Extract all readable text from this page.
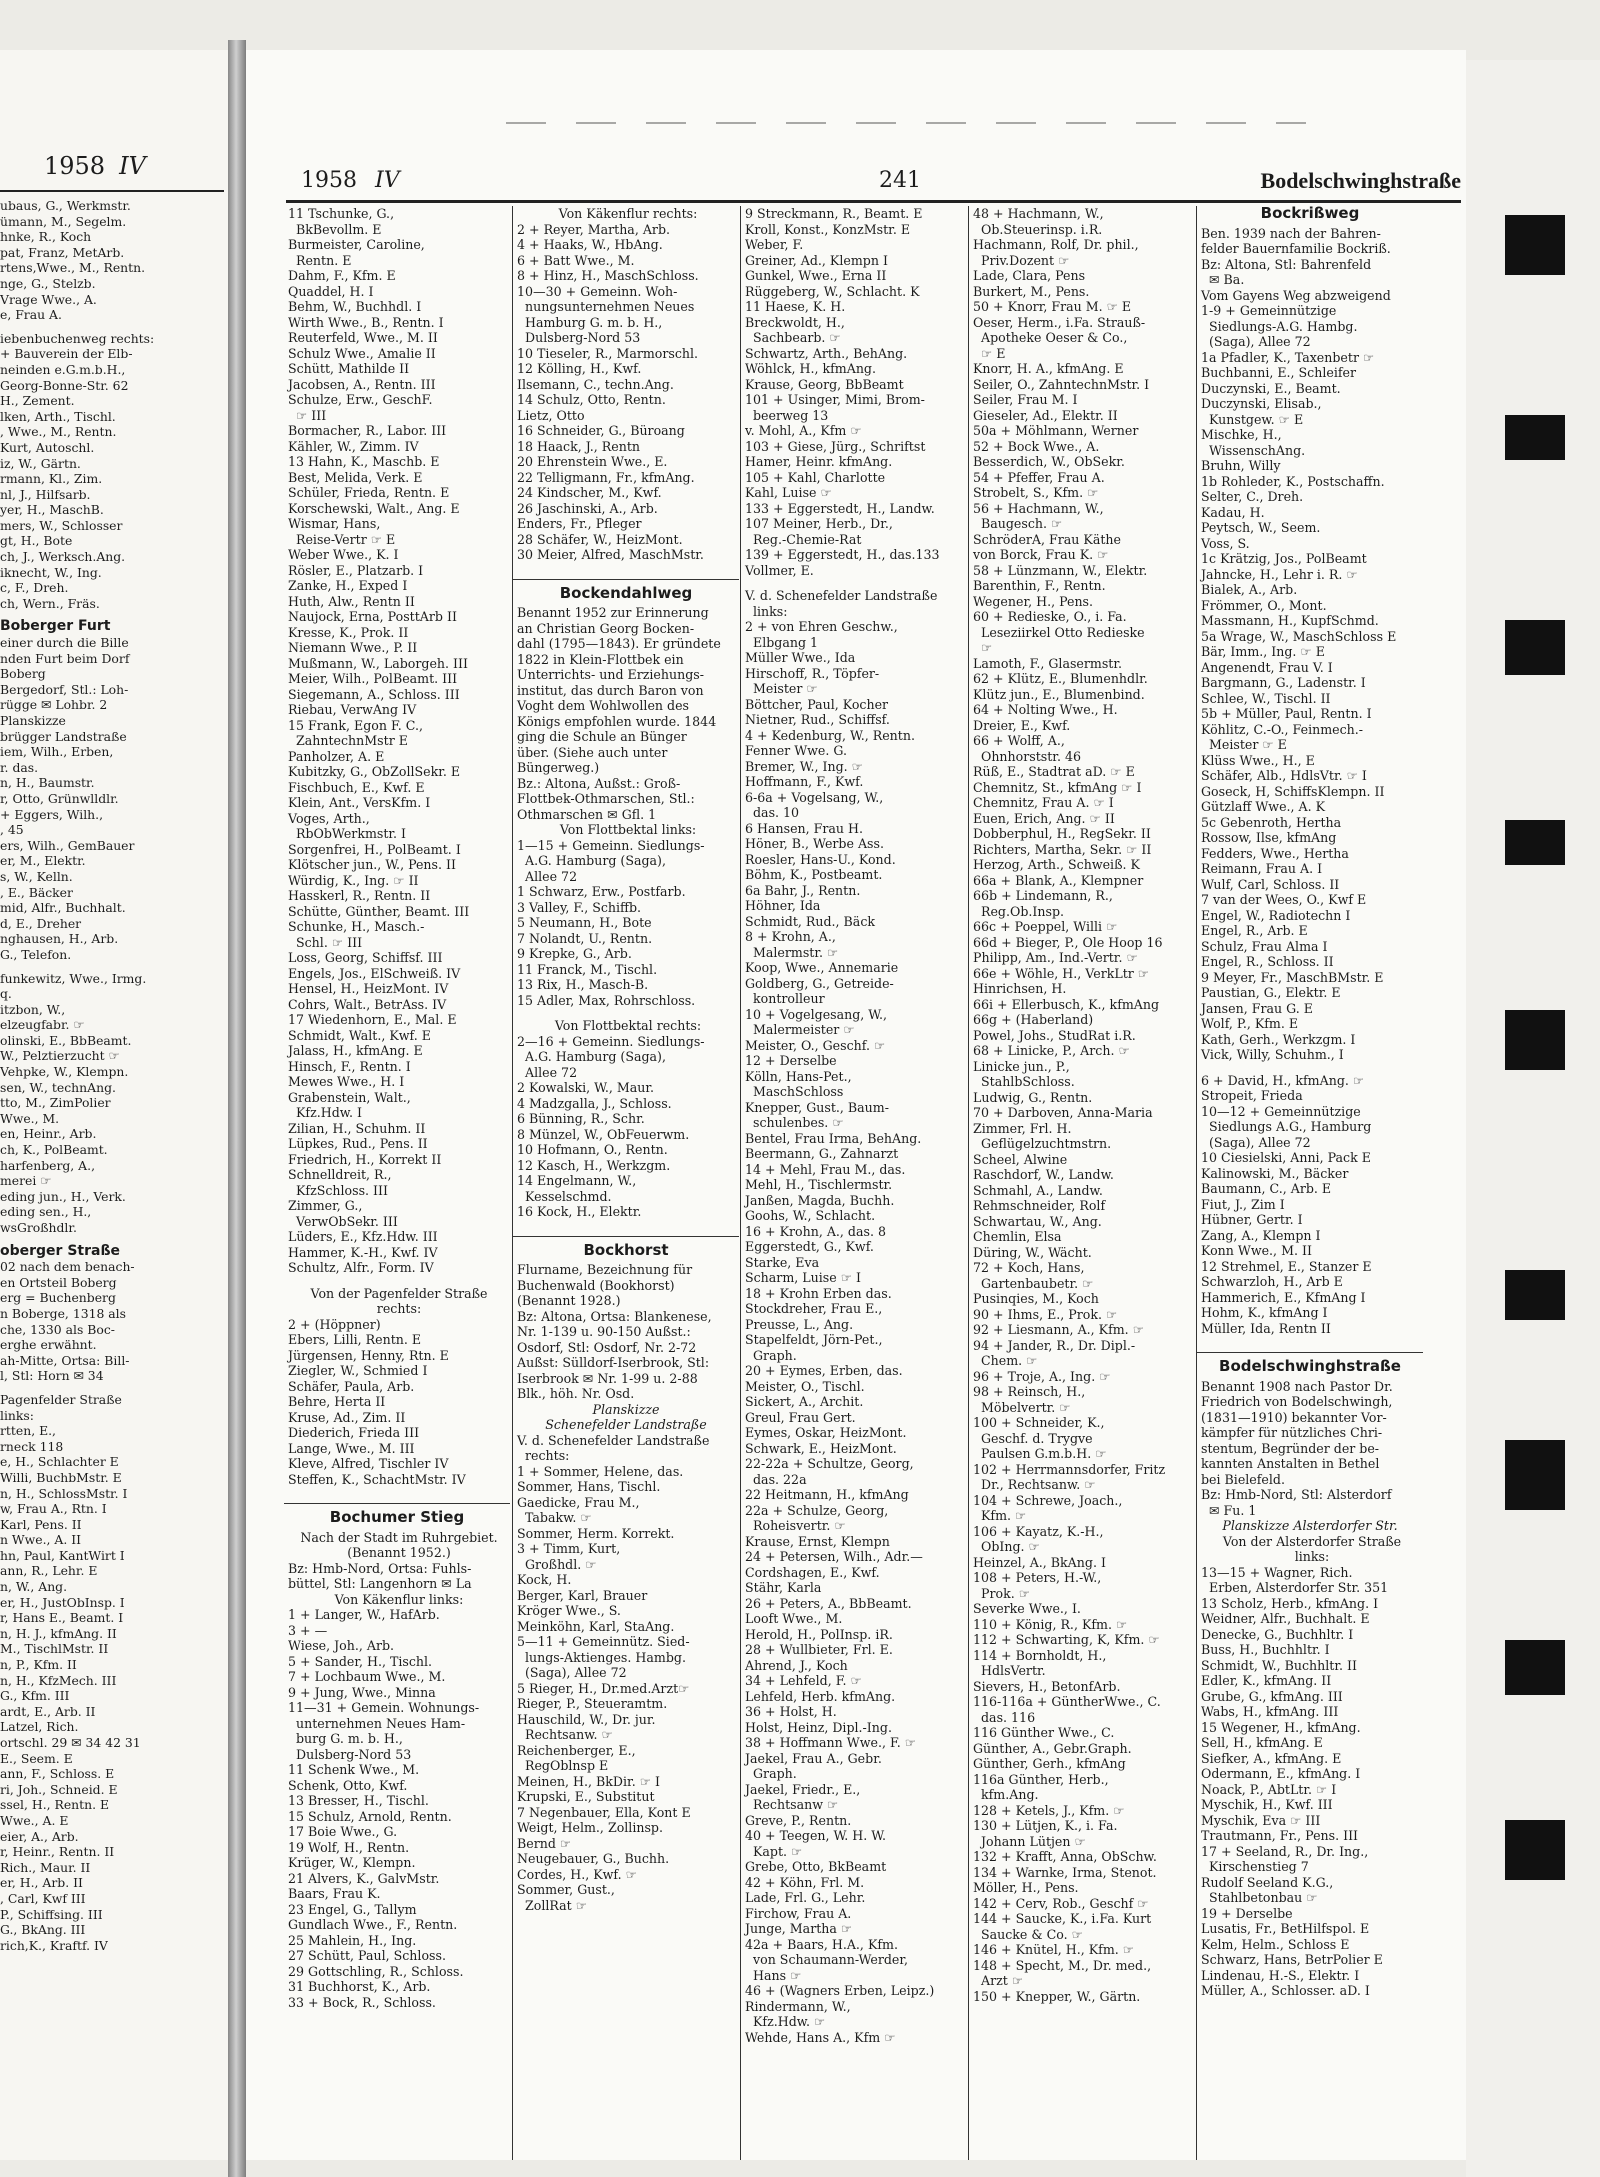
1958 IV
ubaus, G., Werkmstr.
ümann, M., Segelm.
hnke, R., Koch
pat, Franz, MetArb.
rtens,Wwe., M., Rentn.
nge, G., Stelzb.
Vrage Wwe., A.
e, Frau A.
iebenbuchenweg rechts:
+ Bauverein der Elb-
neinden e.G.m.b.H.,
Georg-Bonne-Str. 62
H., Zement.
lken, Arth., Tischl.
, Wwe., M., Rentn.
Kurt, Autoschl.
iz, W., Gärtn.
rmann, Kl., Zim.
nl, J., Hilfsarb.
yer, H., MaschB.
mers, W., Schlosser
gt, H., Bote
ch, J., Werksch.Ang.
iknecht, W., Ing.
c, F., Dreh.
ch, Wern., Fräs.
Boberger Furt
einer durch die Bille
nden Furt beim Dorf
Boberg
Bergedorf, Stl.: Loh-
rügge ✉ Lohbr. 2
Planskizze
brügger Landstraße
iem, Wilh., Erben,
r. das.
n, H., Baumstr.
r, Otto, Grünwlldlr.
+ Eggers, Wilh.,
, 45
ers, Wilh., GemBauer
er, M., Elektr.
s, W., Kelln.
, E., Bäcker
mid, Alfr., Buchhalt.
d, E., Dreher
nghausen, H., Arb.
G., Telefon.
funkewitz, Wwe., Irmg.
q.
itzbon, W.,
elzeugfabr. ☞
olinski, E., BbBeamt.
W., Pelztierzucht ☞
Vehpke, W., Klempn.
sen, W., technAng.
tto, M., ZimPolier
Wwe., M.
en, Heinr., Arb.
ch, K., PolBeamt.
harfenberg, A.,
merei ☞
eding jun., H., Verk.
eding sen., H.,
wsGroßhdlr.
oberger Straße
02 nach dem benach-
en Ortsteil Boberg
erg = Buchenberg
n Boberge, 1318 als
che, 1330 als Boc-
erghe erwähnt.
ah-Mitte, Ortsa: Bill-
l, Stl: Horn ✉ 34
Pagenfelder Straße
links:
rtten, E.,
rneck 118
e, H., Schlachter E
Willi, BuchbMstr. E
n, H., SchlossMstr. I
w, Frau A., Rtn. I
Karl, Pens. II
n Wwe., A. II
hn, Paul, KantWirt I
ann, R., Lehr. E
n, W., Ang.
er, H., JustObInsp. I
r, Hans E., Beamt. I
n, H. J., kfmAng. II
M., TischlMstr. II
n, P., Kfm. II
n, H., KfzMech. III
G., Kfm. III
ardt, E., Arb. II
Latzel, Rich.
ortschl. 29 ✉ 34 42 31
E., Seem. E
ann, F., Schloss. E
ri, Joh., Schneid. E
ssel, H., Rentn. E
Wwe., A. E
eier, A., Arb.
r, Heinr., Rentn. II
Rich., Maur. II
er, H., Arb. II
, Carl, Kwf III
P., Schiffsing. III
G., BkAng. III
rich,K., Kraftf. IV
1958 IV	241	Bodelschwinghstraße
11 Tschunke, G.,
BkBevollm. E
Burmeister, Caroline,
Rentn. E
Dahm, F., Kfm. E
Quaddel, H. I
Behm, W., Buchhdl. I
Wirth Wwe., B., Rentn. I
Reuterfeld, Wwe., M. II
Schulz Wwe., Amalie II
Schütt, Mathilde II
Jacobsen, A., Rentn. III
Schulze, Erw., GeschF.
☞ III
Bormacher, R., Labor. III
Kähler, W., Zimm. IV
13 Hahn, K., Maschb. E
Best, Melida, Verk. E
Schüler, Frieda, Rentn. E
Korschewski, Walt., Ang. E
Wismar, Hans,
Reise-Vertr ☞ E
Weber Wwe., K. I
Rösler, E., Platzarb. I
Zanke, H., Exped I
Huth, Alw., Rentn II
Naujock, Erna, PosttArb II
Kresse, K., Prok. II
Niemann Wwe., P. II
Mußmann, W., Laborgeh. III
Meier, Wilh., PolBeamt. III
Siegemann, A., Schloss. III
Riebau, VerwAng IV
15 Frank, Egon F. C.,
ZahntechnMstr E
Panholzer, A. E
Kubitzky, G., ObZollSekr. E
Fischbuch, E., Kwf. E
Klein, Ant., VersKfm. I
Voges, Arth.,
RbObWerkmstr. I
Sorgenfrei, H., PolBeamt. I
Klötscher jun., W., Pens. II
Würdig, K., Ing. ☞ II
Hasskerl, R., Rentn. II
Schütte, Günther, Beamt. III
Schunke, H., Masch.-
Schl. ☞ III
Loss, Georg, Schiffsf. III
Engels, Jos., ElSchweiß. IV
Hensel, H., HeizMont. IV
Cohrs, Walt., BetrAss. IV
17 Wiedenhorn, E., Mal. E
Schmidt, Walt., Kwf. E
Jalass, H., kfmAng. E
Hinsch, F., Rentn. I
Mewes Wwe., H. I
Grabenstein, Walt.,
Kfz.Hdw. I
Zilian, H., Schuhm. II
Lüpkes, Rud., Pens. II
Friedrich, H., Korrekt II
Schnelldreit, R.,
KfzSchloss. III
Zimmer, G.,
VerwObSekr. III
Lüders, E., Kfz.Hdw. III
Hammer, K.-H., Kwf. IV
Schultz, Alfr., Form. IV
Von der Pagenfelder Straße
rechts:
2 + (Höppner)
Ebers, Lilli, Rentn. E
Jürgensen, Henny, Rtn. E
Ziegler, W., Schmied I
Schäfer, Paula, Arb.
Behre, Herta II
Kruse, Ad., Zim. II
Diederich, Frieda III
Lange, Wwe., M. III
Kleve, Alfred, Tischler IV
Steffen, K., SchachtMstr. IV
Bochumer Stieg
Nach der Stadt im Ruhrgebiet.
(Benannt 1952.)
Bz: Hmb-Nord, Ortsa: Fuhls-
büttel, Stl: Langenhorn ✉ La
Von Käkenflur links:
1 + Langer, W., HafArb.
3 + —
Wiese, Joh., Arb.
5 + Sander, H., Tischl.
7 + Lochbaum Wwe., M.
9 + Jung, Wwe., Minna
11—31 + Gemein. Wohnungs-
unternehmen Neues Ham-
burg G. m. b. H.,
Dulsberg-Nord 53
11 Schenk Wwe., M.
Schenk, Otto, Kwf.
13 Bresser, H., Tischl.
15 Schulz, Arnold, Rentn.
17 Boie Wwe., G.
19 Wolf, H., Rentn.
Krüger, W., Klempn.
21 Alvers, K., GalvMstr.
Baars, Frau K.
23 Engel, G., Tallym
Gundlach Wwe., F., Rentn.
25 Mahlein, H., Ing.
27 Schütt, Paul, Schloss.
29 Gottschling, R., Schloss.
31 Buchhorst, K., Arb.
33 + Bock, R., Schloss.
Von Käkenflur rechts:
2 + Reyer, Martha, Arb.
4 + Haaks, W., HbAng.
6 + Batt Wwe., M.
8 + Hinz, H., MaschSchloss.
10—30 + Gemeinn. Woh-
nungsunternehmen Neues
Hamburg G. m. b. H.,
Dulsberg-Nord 53
10 Tieseler, R., Marmorschl.
12 Kölling, H., Kwf.
Ilsemann, C., techn.Ang.
14 Schulz, Otto, Rentn.
Lietz, Otto
16 Schneider, G., Büroang
18 Haack, J., Rentn
20 Ehrenstein Wwe., E.
22 Telligmann, Fr., kfmAng.
24 Kindscher, M., Kwf.
26 Jaschinski, A., Arb.
Enders, Fr., Pfleger
28 Schäfer, W., HeizMont.
30 Meier, Alfred, MaschMstr.
Bockendahlweg
Benannt 1952 zur Erinnerung
an Christian Georg Bocken-
dahl (1795—1843). Er gründete
1822 in Klein-Flottbek ein
Unterrichts- und Erziehungs-
institut, das durch Baron von
Voght dem Wohlwollen des
Königs empfohlen wurde. 1844
ging die Schule an Bünger
über. (Siehe auch unter
Büngerweg.)
Bz.: Altona, Außst.: Groß-
Flottbek-Othmarschen, Stl.:
Othmarschen ✉ Gfl. 1
Von Flottbektal links:
1—15 + Gemeinn. Siedlungs-
A.G. Hamburg (Saga),
Allee 72
1 Schwarz, Erw., Postfarb.
3 Valley, F., Schiffb.
5 Neumann, H., Bote
7 Nolandt, U., Rentn.
9 Krepke, G., Arb.
11 Franck, M., Tischl.
13 Rix, H., Masch-B.
15 Adler, Max, Rohrschloss.
Von Flottbektal rechts:
2—16 + Gemeinn. Siedlungs-
A.G. Hamburg (Saga),
Allee 72
2 Kowalski, W., Maur.
4 Madzgalla, J., Schloss.
6 Bünning, R., Schr.
8 Münzel, W., ObFeuerwm.
10 Hofmann, O., Rentn.
12 Kasch, H., Werkzgm.
14 Engelmann, W.,
Kesselschmd.
16 Kock, H., Elektr.
Bockhorst
Flurname, Bezeichnung für
Buchenwald (Bookhorst)
(Benannt 1928.)
Bz: Altona, Ortsa: Blankenese,
Nr. 1-139 u. 90-150 Außst.:
Osdorf, Stl: Osdorf, Nr. 2-72
Außst: Sülldorf-Iserbrook, Stl:
Iserbrook ✉ Nr. 1-99 u. 2-88
Blk., höh. Nr. Osd.
Planskizze
Schenefelder Landstraße
V. d. Schenefelder Landstraße
rechts:
1 + Sommer, Helene, das.
Sommer, Hans, Tischl.
Gaedicke, Frau M.,
Tabakw. ☞
Sommer, Herm. Korrekt.
3 + Timm, Kurt,
Großhdl. ☞
Kock, H.
Berger, Karl, Brauer
Kröger Wwe., S.
Meinköhn, Karl, StaAng.
5—11 + Gemeinnütz. Sied-
lungs-Aktienges. Hambg.
(Saga), Allee 72
5 Rieger, H., Dr.med.Arzt☞
Rieger, P., Steueramtm.
Hauschild, W., Dr. jur.
Rechtsanw. ☞
Reichenberger, E.,
RegOblnsp E
Meinen, H., BkDir. ☞ I
Krupski, E., Substitut
7 Negenbauer, Ella, Kont E
Weigt, Helm., Zollinsp.
Bernd ☞
Neugebauer, G., Buchh.
Cordes, H., Kwf. ☞
Sommer, Gust.,
ZollRat ☞
9 Streckmann, R., Beamt. E
Kroll, Konst., KonzMstr. E
Weber, F.
Greiner, Ad., Klempn I
Gunkel, Wwe., Erna II
Rüggeberg, W., Schlacht. K
11 Haese, K. H.
Breckwoldt, H.,
Sachbearb. ☞
Schwartz, Arth., BehAng.
Wöhlck, H., kfmAng.
Krause, Georg, BbBeamt
101 + Usinger, Mimi, Brom-
beerweg 13
v. Mohl, A., Kfm ☞
103 + Giese, Jürg., Schriftst
Hamer, Heinr. kfmAng.
105 + Kahl, Charlotte
Kahl, Luise ☞
133 + Eggerstedt, H., Landw.
107 Meiner, Herb., Dr.,
Reg.-Chemie-Rat
139 + Eggerstedt, H., das.133
Vollmer, E.
V. d. Schenefelder Landstraße
links:
2 + von Ehren Geschw.,
Elbgang 1
Müller Wwe., Ida
Hirschoff, R., Töpfer-
Meister ☞
Böttcher, Paul, Kocher
Nietner, Rud., Schiffsf.
4 + Kedenburg, W., Rentn.
Fenner Wwe. G.
Bremer, W., Ing. ☞
Hoffmann, F., Kwf.
6-6a + Vogelsang, W.,
das. 10
6 Hansen, Frau H.
Höner, B., Werbe Ass.
Roesler, Hans-U., Kond.
Böhm, K., Postbeamt.
6a Bahr, J., Rentn.
Höhner, Ida
Schmidt, Rud., Bäck
8 + Krohn, A.,
Malermstr. ☞
Koop, Wwe., Annemarie
Goldberg, G., Getreide-
kontrolleur
10 + Vogelgesang, W.,
Malermeister ☞
Meister, O., Geschf. ☞
12 + Derselbe
Kölln, Hans-Pet.,
MaschSchloss
Knepper, Gust., Baum-
schulenbes. ☞
Bentel, Frau Irma, BehAng.
Beermann, G., Zahnarzt
14 + Mehl, Frau M., das.
Mehl, H., Tischlermstr.
Janßen, Magda, Buchh.
Goohs, W., Schlacht.
16 + Krohn, A., das. 8
Eggerstedt, G., Kwf.
Starke, Eva
Scharm, Luise ☞ I
18 + Krohn Erben das.
Stockdreher, Frau E.,
Preusse, L., Ang.
Stapelfeldt, Jörn-Pet.,
Graph.
20 + Eymes, Erben, das.
Meister, O., Tischl.
Sickert, A., Archit.
Greul, Frau Gert.
Eymes, Oskar, HeizMont.
Schwark, E., HeizMont.
22-22a + Schultze, Georg,
das. 22a
22 Heitmann, H., kfmAng
22a + Schulze, Georg,
Roheisvertr. ☞
Krause, Ernst, Klempn
24 + Petersen, Wilh., Adr.—
Cordshagen, E., Kwf.
Stähr, Karla
26 + Peters, A., BbBeamt.
Looft Wwe., M.
Herold, H., PolInsp. iR.
28 + Wullbieter, Frl. E.
Ahrend, J., Koch
34 + Lehfeld, F. ☞
Lehfeld, Herb. kfmAng.
36 + Holst, H.
Holst, Heinz, Dipl.-Ing.
38 + Hoffmann Wwe., F. ☞
Jaekel, Frau A., Gebr.
Graph.
Jaekel, Friedr., E.,
Rechtsanw ☞
Greve, P., Rentn.
40 + Teegen, W. H. W.
Kapt. ☞
Grebe, Otto, BkBeamt
42 + Köhn, Frl. M.
Lade, Frl. G., Lehr.
Firchow, Frau A.
Junge, Martha ☞
42a + Baars, H.A., Kfm.
von Schaumann-Werder,
Hans ☞
46 + (Wagners Erben, Leipz.)
Rindermann, W.,
Kfz.Hdw. ☞
Wehde, Hans A., Kfm ☞
48 + Hachmann, W.,
Ob.Steuerinsp. i.R.
Hachmann, Rolf, Dr. phil.,
Priv.Dozent ☞
Lade, Clara, Pens
Burkert, M., Pens.
50 + Knorr, Frau M. ☞ E
Oeser, Herm., i.Fa. Strauß-
Apotheke Oeser & Co.,
☞ E
Knorr, H. A., kfmAng. E
Seiler, O., ZahntechnMstr. I
Seiler, Frau M. I
Gieseler, Ad., Elektr. II
50a + Möhlmann, Werner
52 + Bock Wwe., A.
Besserdich, W., ObSekr.
54 + Pfeffer, Frau A.
Strobelt, S., Kfm. ☞
56 + Hachmann, W.,
Baugesch. ☞
SchröderA, Frau Käthe
von Borck, Frau K. ☞
58 + Lünzmann, W., Elektr.
Barenthin, F., Rentn.
Wegener, H., Pens.
60 + Redieske, O., i. Fa.
Leseziirkel Otto Redieske
☞
Lamoth, F., Glasermstr.
62 + Klütz, E., Blumenhdlr.
Klütz jun., E., Blumenbind.
64 + Nolting Wwe., H.
Dreier, E., Kwf.
66 + Wolff, A.,
Ohnhorststr. 46
Rüß, E., Stadtrat aD. ☞ E
Chemnitz, St., kfmAng ☞ I
Chemnitz, Frau A. ☞ I
Euen, Erich, Ang. ☞ II
Dobberphul, H., RegSekr. II
Richters, Martha, Sekr. ☞ II
Herzog, Arth., Schweiß. K
66a + Blank, A., Klempner
66b + Lindemann, R.,
Reg.Ob.Insp.
66c + Poeppel, Willi ☞
66d + Bieger, P., Ole Hoop 16
Philipp, Am., Ind.-Vertr. ☞
66e + Wöhle, H., VerkLtr ☞
Hinrichsen, H.
66i + Ellerbusch, K., kfmAng
66g + (Haberland)
Powel, Johs., StudRat i.R.
68 + Linicke, P., Arch. ☞
Linicke jun., P.,
StahlbSchloss.
Ludwig, G., Rentn.
70 + Darboven, Anna-Maria
Zimmer, Frl. H.
Geflügelzuchtmstrn.
Scheel, Alwine
Raschdorf, W., Landw.
Schmahl, A., Landw.
Rehmschneider, Rolf
Schwartau, W., Ang.
Chemlin, Elsa
Düring, W., Wächt.
72 + Koch, Hans,
Gartenbaubetr. ☞
Pusinqies, M., Koch
90 + Ihms, E., Prok. ☞
92 + Liesmann, A., Kfm. ☞
94 + Jander, R., Dr. Dipl.-
Chem. ☞
96 + Troje, A., Ing. ☞
98 + Reinsch, H.,
Möbelvertr. ☞
100 + Schneider, K.,
Geschf. d. Trygve
Paulsen G.m.b.H. ☞
102 + Herrmannsdorfer, Fritz
Dr., Rechtsanw. ☞
104 + Schrewe, Joach.,
Kfm. ☞
106 + Kayatz, K.-H.,
ObIng. ☞
Heinzel, A., BkAng. I
108 + Peters, H.-W.,
Prok. ☞
Severke Wwe., I.
110 + König, R., Kfm. ☞
112 + Schwarting, K, Kfm. ☞
114 + Bornholdt, H.,
HdlsVertr.
Sievers, H., BetonfArb.
116-116a + GüntherWwe., C.
das. 116
116 Günther Wwe., C.
Günther, A., Gebr.Graph.
Günther, Gerh., kfmAng
116a Günther, Herb.,
kfm.Ang.
128 + Ketels, J., Kfm. ☞
130 + Lütjen, K., i. Fa.
Johann Lütjen ☞
132 + Krafft, Anna, ObSchw.
134 + Warnke, Irma, Stenot.
Möller, H., Pens.
142 + Cerv, Rob., Geschf ☞
144 + Saucke, K., i.Fa. Kurt
Saucke & Co. ☞
146 + Knütel, H., Kfm. ☞
148 + Specht, M., Dr. med.,
Arzt ☞
150 + Knepper, W., Gärtn.
Bockrißweg
Ben. 1939 nach der Bahren-
felder Bauernfamilie Bockriß.
Bz: Altona, Stl: Bahrenfeld
✉ Ba.
Vom Gayens Weg abzweigend
1-9 + Gemeinnützige
Siedlungs-A.G. Hambg.
(Saga), Allee 72
1a Pfadler, K., Taxenbetr ☞
Buchbanni, E., Schleifer
Duczynski, E., Beamt.
Duczynski, Elisab.,
Kunstgew. ☞ E
Mischke, H.,
WissenschAng.
Bruhn, Willy
1b Rohleder, K., Postschaffn.
Selter, C., Dreh.
Kadau, H.
Peytsch, W., Seem.
Voss, S.
1c Krätzig, Jos., PolBeamt
Jahncke, H., Lehr i. R. ☞
Bialek, A., Arb.
Frömmer, O., Mont.
Massmann, H., KupfSchmd.
5a Wrage, W., MaschSchloss E
Bär, Imm., Ing. ☞ E
Angenendt, Frau V. I
Bargmann, G., Ladenstr. I
Schlee, W., Tischl. II
5b + Müller, Paul, Rentn. I
Köhlitz, C.-O., Feinmech.-
Meister ☞ E
Klüss Wwe., H., E
Schäfer, Alb., HdlsVtr. ☞ I
Goseck, H, SchiffsKlempn. II
Gützlaff Wwe., A. K
5c Gebenroth, Hertha
Rossow, Ilse, kfmAng
Fedders, Wwe., Hertha
Reimann, Frau A. I
Wulf, Carl, Schloss. II
7 van der Wees, O., Kwf E
Engel, W., Radiotechn I
Engel, R., Arb. E
Schulz, Frau Alma I
Engel, R., Schloss. II
9 Meyer, Fr., MaschBMstr. E
Paustian, G., Elektr. E
Jansen, Frau G. E
Wolf, P., Kfm. E
Kath, Gerh., Werkzgm. I
Vick, Willy, Schuhm., I
6 + David, H., kfmAng. ☞
Stropeit, Frieda
10—12 + Gemeinnützige
Siedlungs A.G., Hamburg
(Saga), Allee 72
10 Ciesielski, Anni, Pack E
Kalinowski, M., Bäcker
Baumann, C., Arb. E
Fiut, J., Zim I
Hübner, Gertr. I
Zang, A., Klempn I
Konn Wwe., M. II
12 Strehmel, E., Stanzer E
Schwarzloh, H., Arb E
Hammerich, E., KfmAng I
Hohm, K., kfmAng I
Müller, Ida, Rentn II
Bodelschwinghstraße
Benannt 1908 nach Pastor Dr.
Friedrich von Bodelschwingh,
(1831—1910) bekannter Vor-
kämpfer für nützliches Chri-
stentum, Begründer der be-
kannten Anstalten in Bethel
bei Bielefeld.
Bz: Hmb-Nord, Stl: Alsterdorf
✉ Fu. 1
Planskizze Alsterdorfer Str.
Von der Alsterdorfer Straße
links:
13—15 + Wagner, Rich.
Erben, Alsterdorfer Str. 351
13 Scholz, Herb., kfmAng. I
Weidner, Alfr., Buchhalt. E
Denecke, G., Buchhltr. I
Buss, H., Buchhltr. I
Schmidt, W., Buchhltr. II
Edler, K., kfmAng. II
Grube, G., kfmAng. III
Wabs, H., kfmAng. III
15 Wegener, H., kfmAng.
Sell, H., kfmAng. E
Siefker, A., kfmAng. E
Odermann, E., kfmAng. I
Noack, P., AbtLtr. ☞ I
Myschik, H., Kwf. III
Myschik, Eva ☞ III
Trautmann, Fr., Pens. III
17 + Seeland, R., Dr. Ing.,
Kirschenstieg 7
Rudolf Seeland K.G.,
Stahlbetonbau ☞
19 + Derselbe
Lusatis, Fr., BetHilfspol. E
Kelm, Helm., Schloss E
Schwarz, Hans, BetrPolier E
Lindenau, H.-S., Elektr. I
Müller, A., Schlosser. aD. I
